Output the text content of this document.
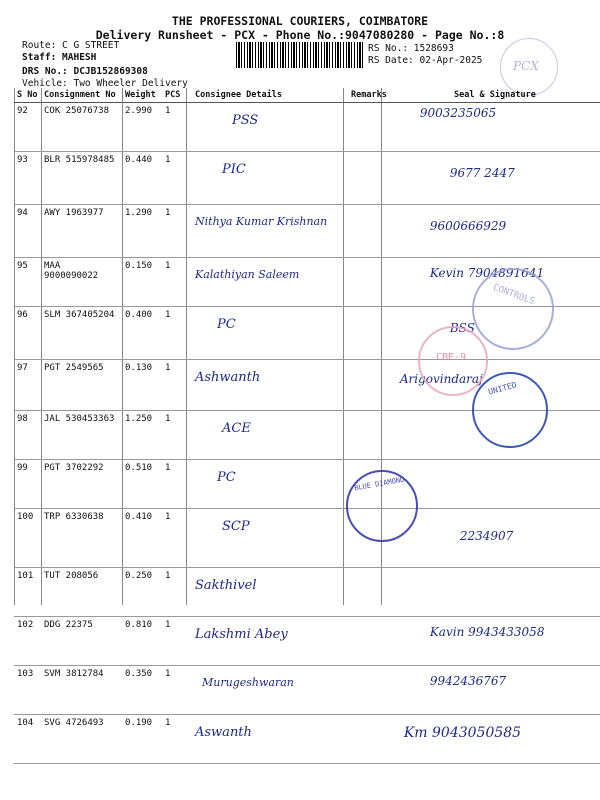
THE PROFESSIONAL COURIERS, COIMBATORE
Delivery Runsheet - PCX - Phone No.:9047080280 - Page No.:8
Route: C G STREET
Staff: MAHESH
DRS No.: DCJB152869308
Vehicle: Two Wheeler Delivery
RS No.: 1528693
RS Date: 02-Apr-2025	PCX
S No	Consignment No	Weight	PCS	Consignee Details	Remarks	Seal & Signature
92	COK 25076738	2.990	1	PSS		9003235065
93	BLR 515978485	0.440	1	PIC		9677 2447
94	AWY 1963977	1.290	1	Nithya Kumar Krishnan		9600666929
95	MAA 9000090022	0.150	1	Kalathiyan Saleem		Kevin 7904891641
96	SLM 367405204	0.400	1	PC		BSS
97	PGT 2549565	0.130	1	Ashwanth		Arigovindaraj
98	JAL 530453363	1.250	1	ACE		
99	PGT 3702292	0.510	1	PC		
100	TRP 6330638	0.410	1	SCP		2234907
101	TUT 208056	0.250	1	Sakthivel		
102	DDG 22375	0.810	1	Lakshmi Abey		Kavin 9943433058
103	SVM 3812784	0.350	1	Murugeshwaran		9942436767
104	SVG 4726493	0.190	1	Aswanth		Km 9043050585
CONTROLS
CBE-9
UNITED
BLUE DIAMOND
